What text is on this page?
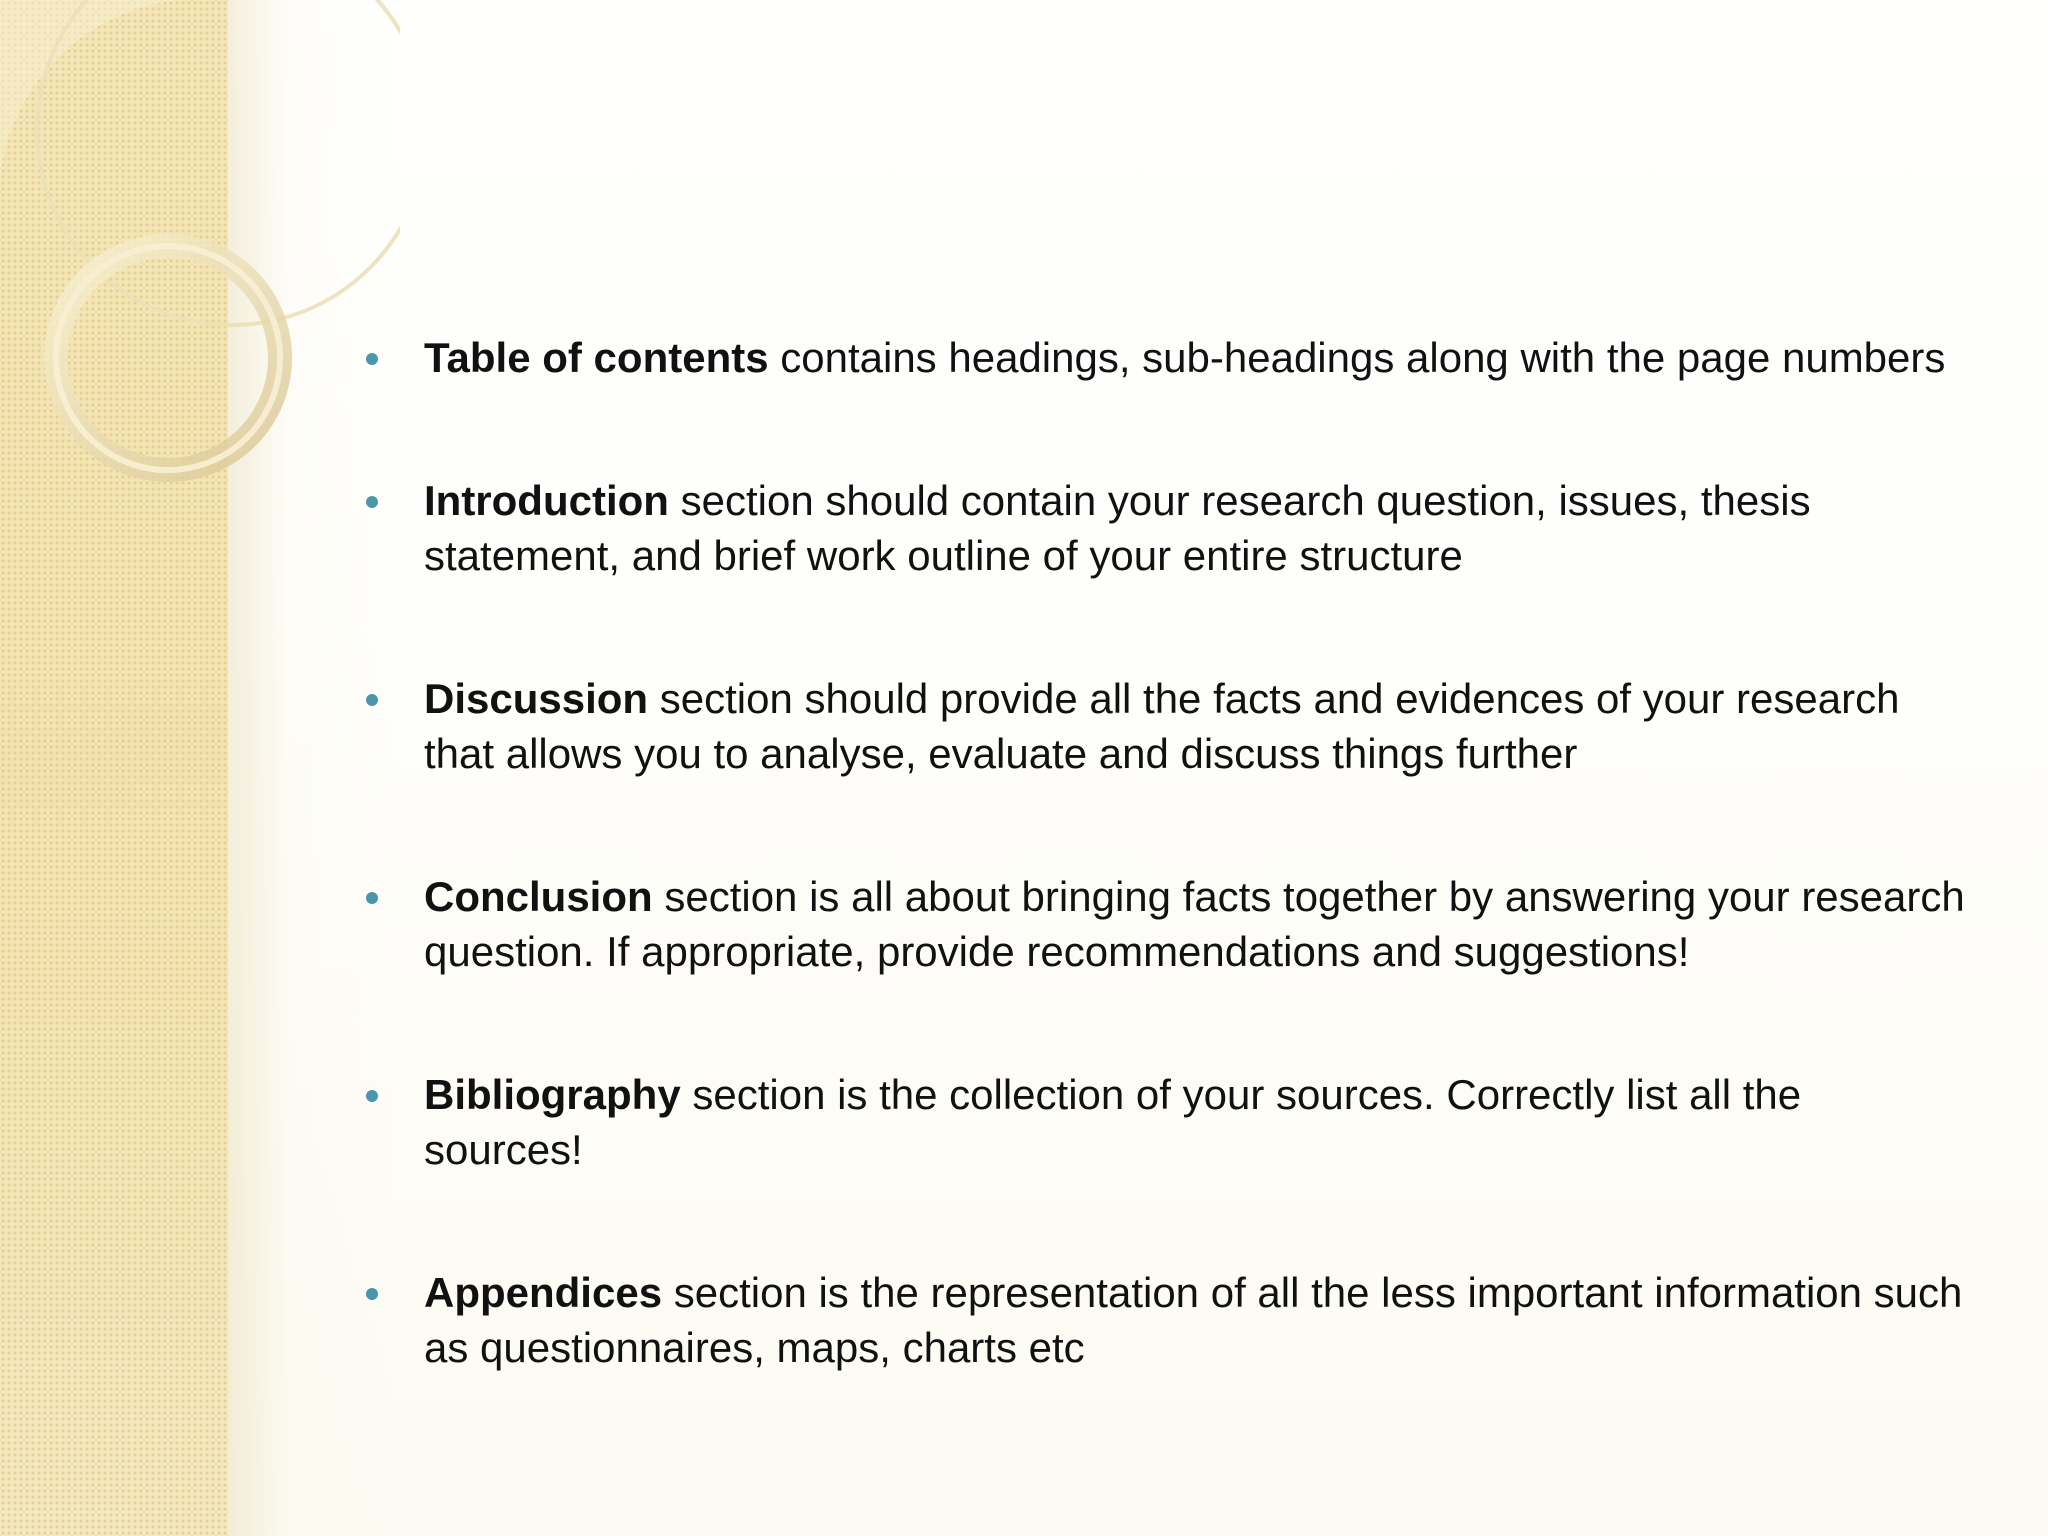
Table of contents contains headings, sub-headings along with the page numbers
Introduction section should contain your research question, issues, thesis statement, and brief work outline of your entire structure
Discussion section should provide all the facts and evidences of your research that allows you to analyse, evaluate and discuss things further
Conclusion section is all about bringing facts together by answering your research question. If appropriate, provide recommendations and suggestions!
Bibliography section is the collection of your sources. Correctly list all the sources!
Appendices section is the representation of all the less important information such as questionnaires, maps, charts etc
